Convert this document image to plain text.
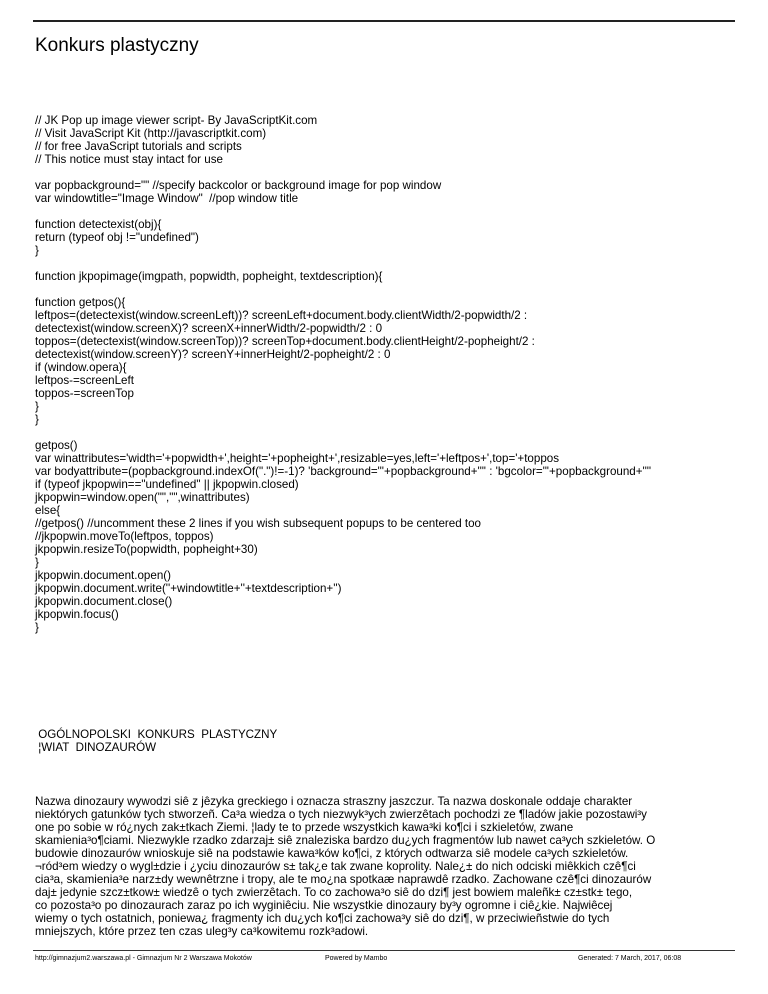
Konkurs plastyczny
// JK Pop up image viewer script- By JavaScriptKit.com
// Visit JavaScript Kit (http://javascriptkit.com)
// for free JavaScript tutorials and scripts
// This notice must stay intact for use
var popbackground="" //specify backcolor or background image for pop window
var windowtitle="Image Window"  //pop window title
function detectexist(obj){
return (typeof obj !="undefined")
}
function jkpopimage(imgpath, popwidth, popheight, textdescription){
function getpos(){
leftpos=(detectexist(window.screenLeft))? screenLeft+document.body.clientWidth/2-popwidth/2 :
detectexist(window.screenX)? screenX+innerWidth/2-popwidth/2 : 0
toppos=(detectexist(window.screenTop))? screenTop+document.body.clientHeight/2-popheight/2 :
detectexist(window.screenY)? screenY+innerHeight/2-popheight/2 : 0
if (window.opera){
leftpos-=screenLeft
toppos-=screenTop
}
}
getpos()
var winattributes='width='+popwidth+',height='+popheight+',resizable=yes,left='+leftpos+',top='+toppos
var bodyattribute=(popbackground.indexOf(".")!=-1)? 'background="'+popbackground+'"' : 'bgcolor="'+popbackground+'"'
if (typeof jkpopwin=="undefined" || jkpopwin.closed)
jkpopwin=window.open("","",winattributes)
else{
//getpos() //uncomment these 2 lines if you wish subsequent popups to be centered too
//jkpopwin.moveTo(leftpos, toppos)
jkpopwin.resizeTo(popwidth, popheight+30)
}
jkpopwin.document.open()
jkpopwin.document.write(''+windowtitle+''+textdescription+'')
jkpopwin.document.close()
jkpopwin.focus()
}
OGÓLNOPOLSKI  KONKURS  PLASTYCZNY
¦WIAT  DINOZAURÓW
Nazwa dinozaury wywodzi siê z jêzyka greckiego i oznacza straszny jaszczur. Ta nazwa doskonale oddaje charakter
niektórych gatunków tych stworzeñ. Ca³a wiedza o tych niezwyk³ych zwierzêtach pochodzi ze ¶ladów jakie pozostawi³y
one po sobie w ró¿nych zak±tkach Ziemi. ¦lady te to przede wszystkich kawa³ki ko¶ci i szkieletów, zwane
skamienia³o¶ciami. Niezwykle rzadko zdarzaj± siê znaleziska bardzo du¿ych fragmentów lub nawet ca³ych szkieletów. O
budowie dinozaurów wnioskuje siê na podstawie kawa³ków ko¶ci, z których odtwarza siê modele ca³ych szkieletów.
¬ród³em wiedzy o wygl±dzie i ¿yciu dinozaurów s± tak¿e tak zwane koprolity. Nale¿± do nich odciski miêkkich czê¶ci
cia³a, skamienia³e narz±dy wewnêtrzne i tropy, ale te mo¿na spotkaæ naprawdê rzadko. Zachowane czê¶ci dinozaurów
daj± jedynie szcz±tkow± wiedzê o tych zwierzêtach. To co zachowa³o siê do dzi¶ jest bowiem maleñk± cz±stk± tego,
co pozosta³o po dinozaurach zaraz po ich wyginiêciu. Nie wszystkie dinozaury by³y ogromne i ciê¿kie. Najwiêcej
wiemy o tych ostatnich, poniewa¿ fragmenty ich du¿ych ko¶ci zachowa³y siê do dzi¶, w przeciwieñstwie do tych
mniejszych, które przez ten czas uleg³y ca³kowitemu rozk³adowi.
http://gimnazjum2.warszawa.pl - Gimnazjum Nr 2 Warszawa Mokotów	Powered by Mambo	Generated: 7 March, 2017, 06:08
